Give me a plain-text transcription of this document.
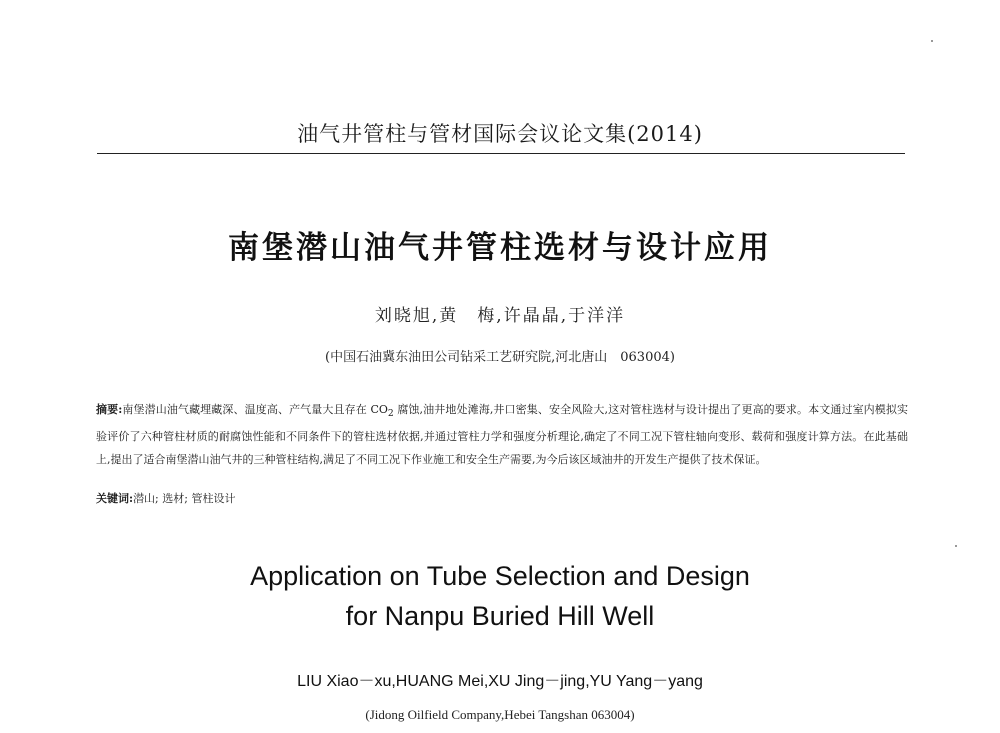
油气井管柱与管材国际会议论文集(2014)
南堡潜山油气井管柱选材与设计应用
刘晓旭,黄　梅,许晶晶,于洋洋
(中国石油冀东油田公司钻采工艺研究院,河北唐山　063004)
摘要:南堡潜山油气藏埋藏深、温度高、产气量大且存在 $CO_2$ 腐蚀,油井地处滩海,井口密集、安全风险大,这对管柱选材与设计提出了更高的要求。本文通过室内模拟实验评价了六种管柱材质的耐腐蚀性能和不同条件下的管柱选材依据,并通过管柱力学和强度分析理论,确定了不同工况下管柱轴向变形、载荷和强度计算方法。在此基础上,提出了适合南堡潜山油气井的三种管柱结构,满足了不同工况下作业施工和安全生产需要,为今后该区域油井的开发生产提供了技术保证。
关键词:潜山; 选材; 管柱设计
Application on Tube Selection and Design
for Nanpu Buried Hill Well
LIU Xiao－xu,HUANG Mei,XU Jing－jing,YU Yang－yang
(Jidong Oilfield Company,Hebei Tangshan 063004)
